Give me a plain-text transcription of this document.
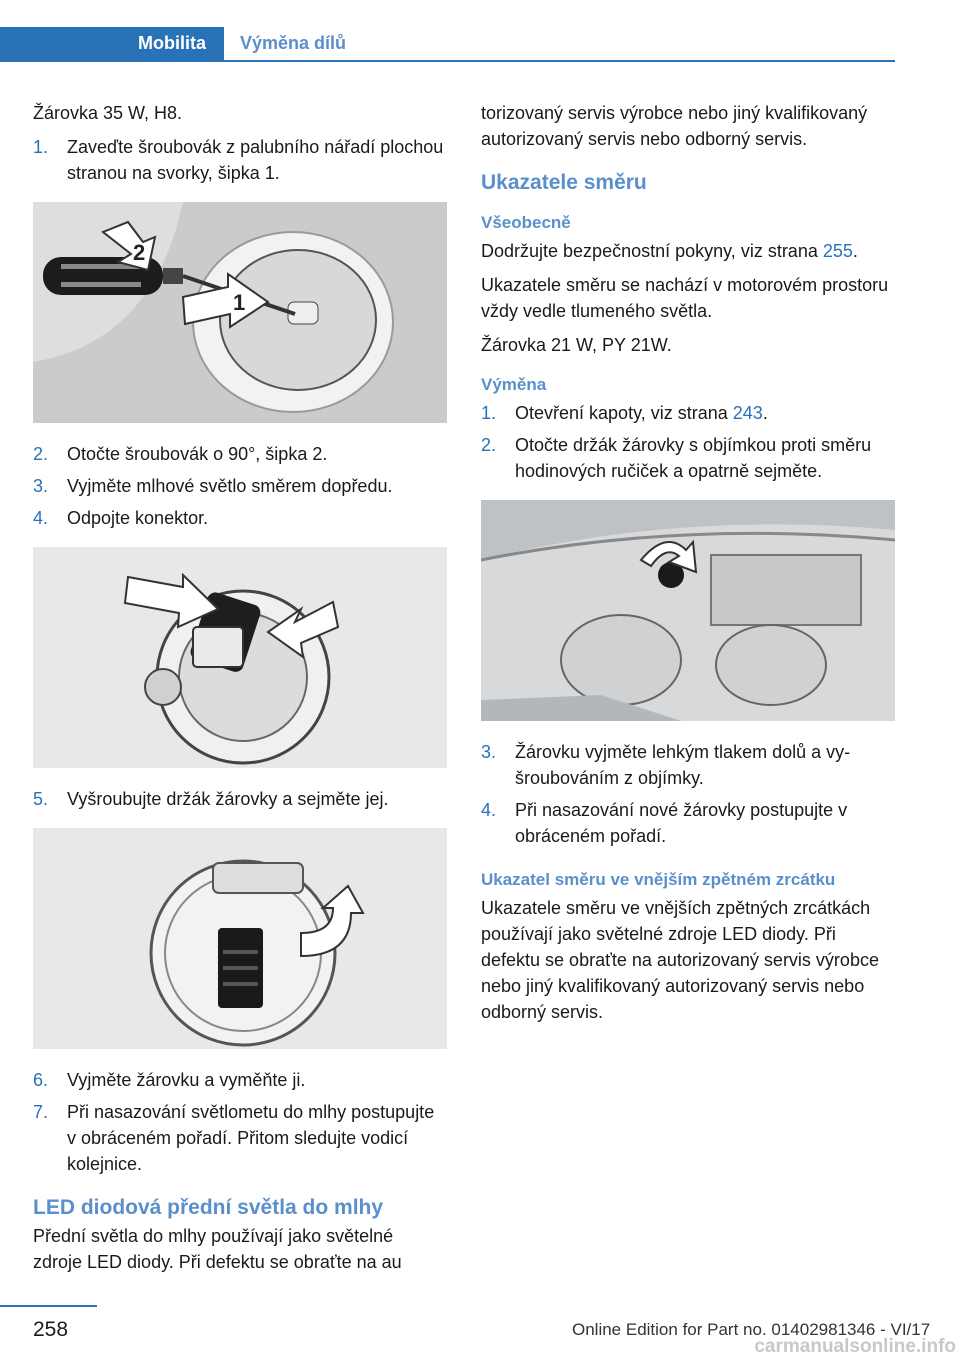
Mobilita	Výměna dílů

Žárovka 35 W, H8.

1.	Zaveďte šroubovák z palubního nářadí plochou stranou na svorky, šipka 1.
2
1
2.	Otočte šroubovák o 90°, šipka 2.
3.	Vyjměte mlhové světlo směrem dopředu.
4.	Odpojte konektor.
5.	Vyšroubujte držák žárovky a sejměte jej.
6.	Vyjměte žárovku a vyměňte ji.
7.	Při nasazování světlometu do mlhy postupujte v obráceném pořadí. Přitom sledujte vodicí kolejnice.
LED diodová přední světla do mlhy

Přední světla do mlhy používají jako světelné zdroje LED diody. Při defektu se obraťte na au

torizovaný servis výrobce nebo jiný kvalifikovaný autorizovaný servis nebo odborný servis.

Ukazatele směru
Všeobecně

Dodržujte bezpečnostní pokyny, viz strana 255.

Ukazatele směru se nachází v motorovém prostoru vždy vedle tlumeného světla.

Žárovka 21 W, PY 21W.

Výměna
1.	Otevření kapoty, viz strana 243.
2.	Otočte držák žárovky s objímkou proti směru hodinových ručiček a opatrně sejměte.
3.	Žárovku vyjměte lehkým tlakem dolů a vyšroubováním z objímky.
4.	Při nasazování nové žárovky postupujte v obráceném pořadí.
Ukazatel směru ve vnějším zpětném zrcátku

Ukazatele směru ve vnějších zpětných zrcátkách používají jako světelné zdroje LED diody. Při defektu se obraťte na autorizovaný servis výrobce nebo jiný kvalifikovaný autorizovaný servis nebo odborný servis.

258	Online Edition for Part no. 01402981346 - VI/17
carmanualsonline.info
